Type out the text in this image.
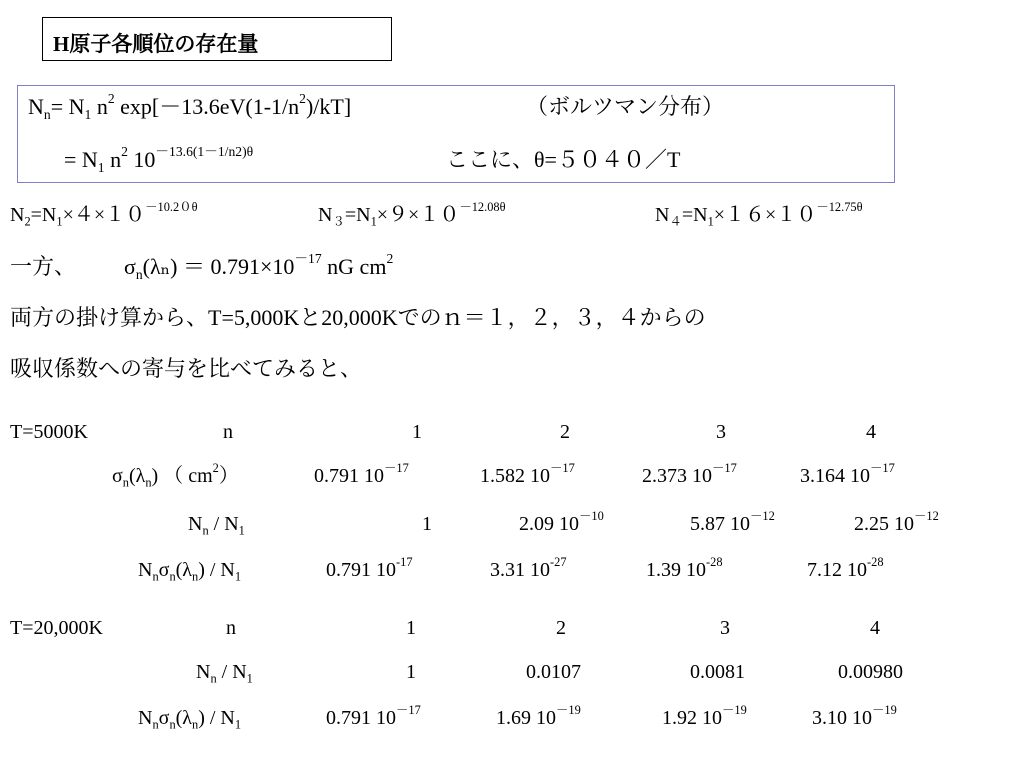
H原子各順位の存在量
$N_n= N_1$ $n^2$ $\exp[-13.6eV(1-1/n^2)/kT]$	（ボルツマン分布）
= $N_1$ $n^2$ $10^{-13.6(1-1/n2)\theta}$	ここに、θ=５０４０／T
$N_2=N_1\times 4\times 10^{-10.20\theta}$	$N_3=N_1\times 9\times 10^{-12.08\theta}$	$N_4=N_1\times 16\times 10^{-12.75\theta}$
一方、 $\sigma_n(\lambda_n) = 0.791\times 10^{-17}$ nG $cm^2$
両方の掛け算から、T=5,000Kと20,000Kでのｎ＝１，２，３，４からの
吸収係数への寄与を比べてみると、
T=5000K	n	1	2	3	4
$\sigma_n(\lambda_n)$ （ $cm^2$）	0.791 $10^{-17}$	1.582 $10^{-17}$	2.373 $10^{-17}$	3.164 $10^{-17}$
$N_n / N_1$	1	2.09 $10^{-10}$	5.87 $10^{-12}$	2.25 $10^{-12}$
$N_n\sigma_n(\lambda_n) / N_1$	0.791 $10^{-17}$	3.31 $10^{-27}$	1.39 $10^{-28}$	7.12 $10^{-28}$
T=20,000K	n	1	2	3	4
$N_n / N_1$	1	0.0107	0.0081	0.00980
$N_n\sigma_n(\lambda_n) / N_1$	0.791 $10^{-17}$	1.69 $10^{-19}$	1.92 $10^{-19}$	3.10 $10^{-19}$
